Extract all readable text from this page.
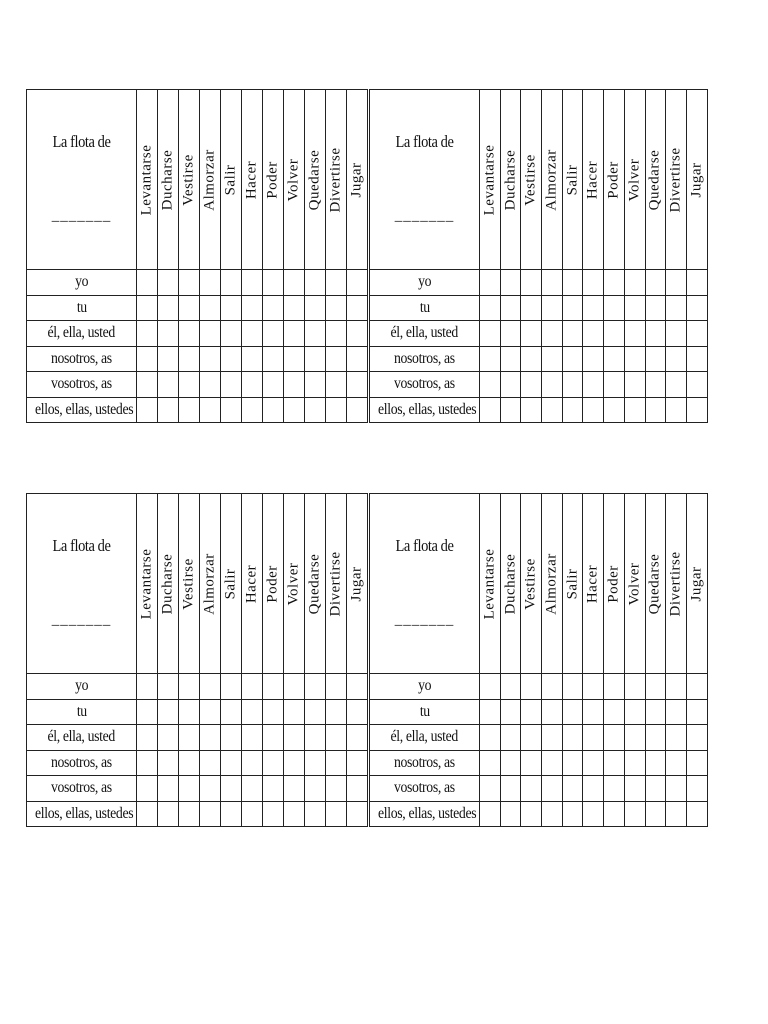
La flota de
_______	Levantarse	Ducharse	Vestirse	Almorzar	Salir	Hacer	Poder	Volver	Quedarse	Divertirse	Jugar

yo											
tu											
él, ella, usted											
nosotros, as											
vosotros, as											
ellos, ellas, ustedes											
La flota de
_______	Levantarse	Ducharse	Vestirse	Almorzar	Salir	Hacer	Poder	Volver	Quedarse	Divertirse	Jugar

yo											
tu											
él, ella, usted											
nosotros, as											
vosotros, as											
ellos, ellas, ustedes											
La flota de
_______	Levantarse	Ducharse	Vestirse	Almorzar	Salir	Hacer	Poder	Volver	Quedarse	Divertirse	Jugar

yo											
tu											
él, ella, usted											
nosotros, as											
vosotros, as											
ellos, ellas, ustedes											
La flota de
_______	Levantarse	Ducharse	Vestirse	Almorzar	Salir	Hacer	Poder	Volver	Quedarse	Divertirse	Jugar

yo											
tu											
él, ella, usted											
nosotros, as											
vosotros, as											
ellos, ellas, ustedes											
